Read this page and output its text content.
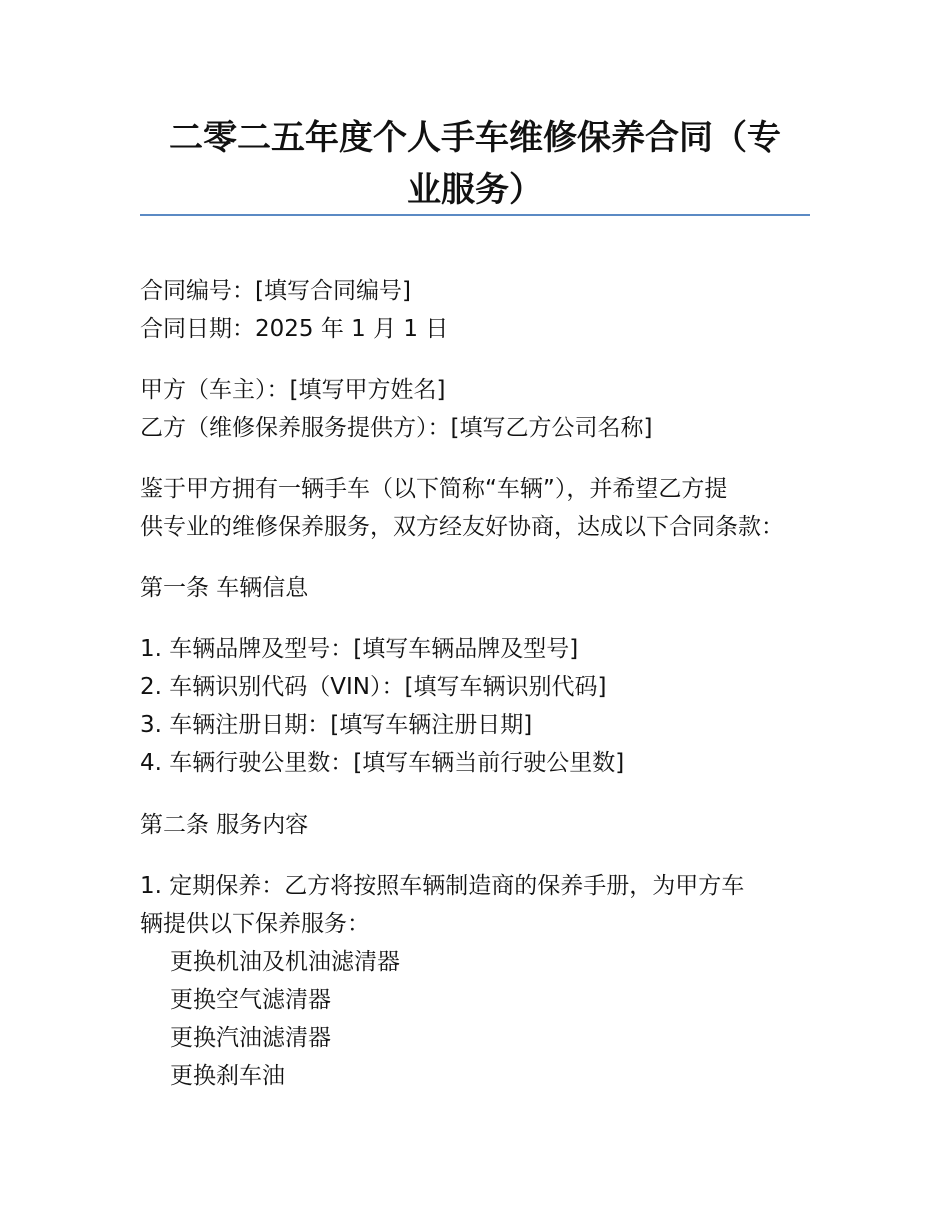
二零二五年度个人手车维修保养合同（专
业服务）
合同编号：[填写合同编号]
合同日期：2025 年 1 月 1 日
甲方（车主）：[填写甲方姓名]
乙方（维修保养服务提供方）：[填写乙方公司名称]
鉴于甲方拥有一辆手车（以下简称“车辆”），并希望乙方提
供专业的维修保养服务，双方经友好协商，达成以下合同条款：
第一条 车辆信息
1. 车辆品牌及型号：[填写车辆品牌及型号]
2. 车辆识别代码（VIN）：[填写车辆识别代码]
3. 车辆注册日期：[填写车辆注册日期]
4. 车辆行驶公里数：[填写车辆当前行驶公里数]
第二条 服务内容
1. 定期保养：乙方将按照车辆制造商的保养手册，为甲方车
辆提供以下保养服务：
更换机油及机油滤清器
更换空气滤清器
更换汽油滤清器
更换刹车油
